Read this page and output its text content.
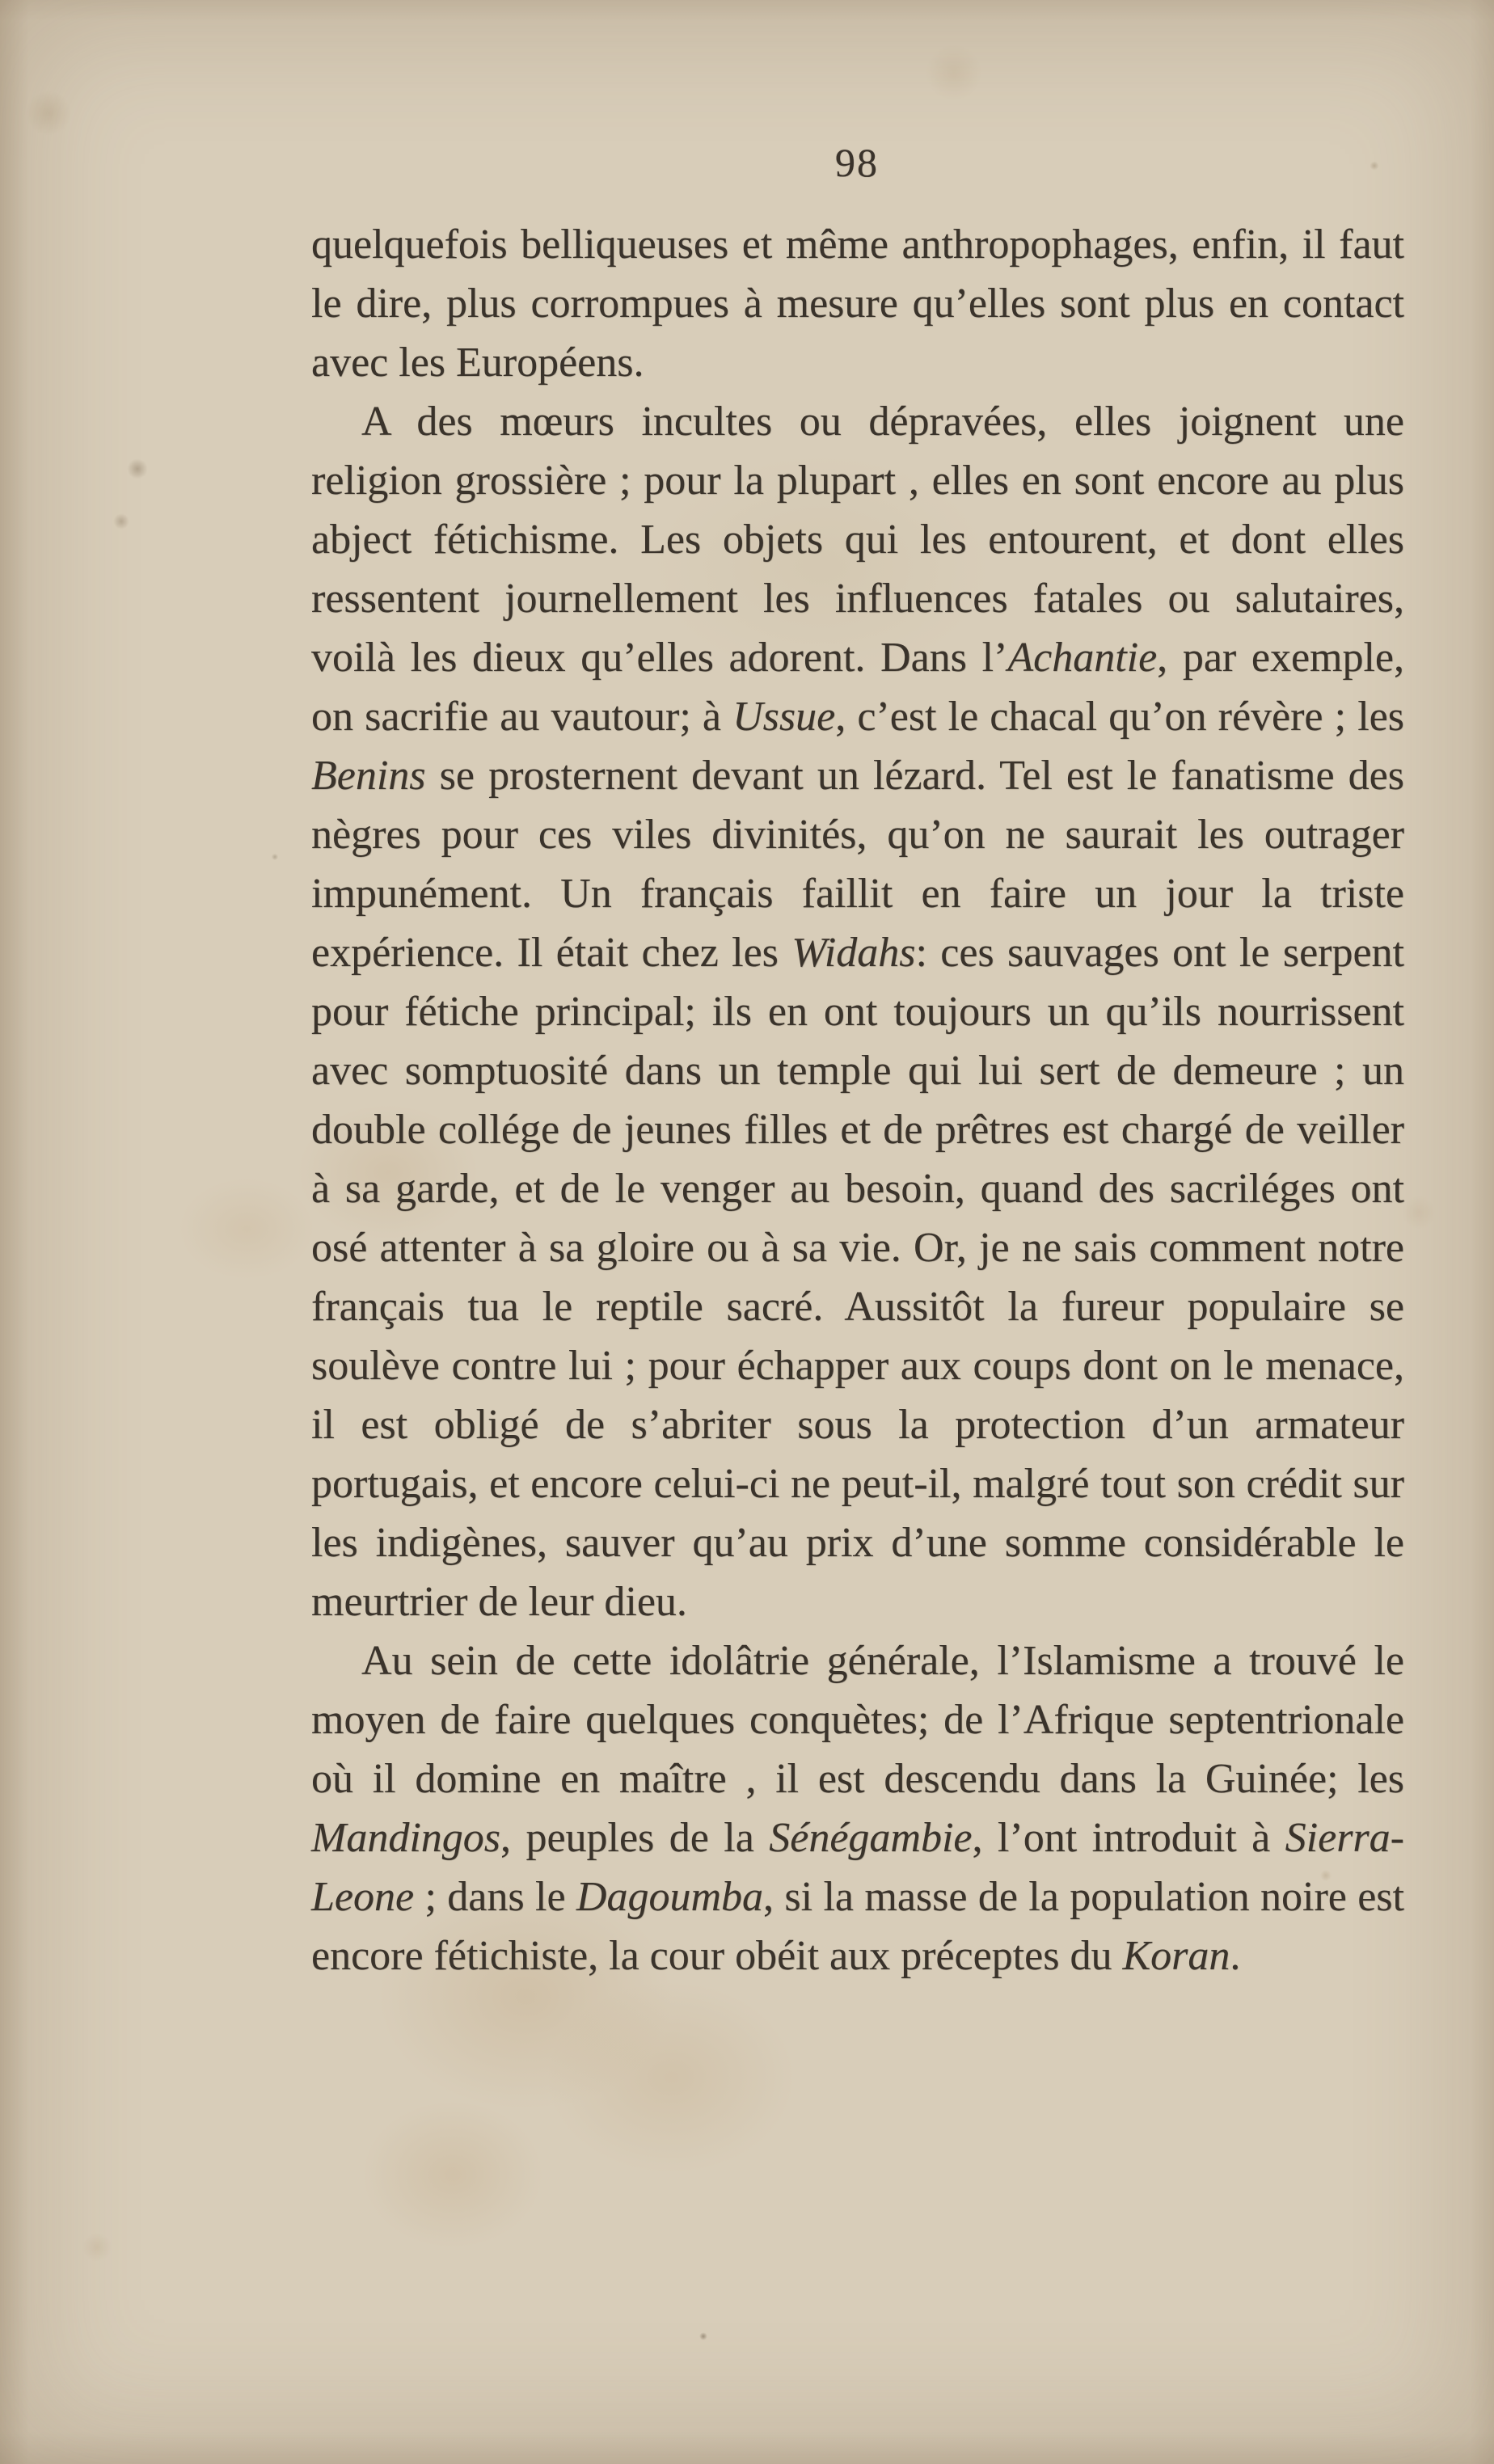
98

quelquefois belliqueuses et même anthropophages, enfin, il faut le dire, plus corrompues à mesure qu’elles sont plus en contact avec les Européens.

A des mœurs incultes ou dépravées, elles joignent une religion grossière ; pour la plupart , elles en sont encore au plus abject fétichisme. Les objets qui les entourent, et dont elles ressentent journellement les influences fatales ou salutaires, voilà les dieux qu’elles adorent. Dans l’Achantie, par exemple, on sacrifie au vautour; à Ussue, c’est le chacal qu’on révère ; les Benins se prosternent devant un lézard. Tel est le fanatisme des nègres pour ces viles divinités, qu’on ne saurait les outrager impunément. Un français faillit en faire un jour la triste expérience. Il était chez les Widahs: ces sauvages ont le serpent pour fétiche principal; ils en ont toujours un qu’ils nourrissent avec somptuosité dans un temple qui lui sert de demeure ; un double collége de jeunes filles et de prêtres est chargé de veiller à sa garde, et de le venger au besoin, quand des sacriléges ont osé attenter à sa gloire ou à sa vie. Or, je ne sais comment notre français tua le reptile sacré. Aussitôt la fureur populaire se soulève contre lui ; pour échapper aux coups dont on le menace, il est obligé de s’abriter sous la protection d’un armateur portugais, et encore celui-ci ne peut-il, malgré tout son crédit sur les indigènes, sauver qu’au prix d’une somme considérable le meurtrier de leur dieu.

Au sein de cette idolâtrie générale, l’Islamisme a trouvé le moyen de faire quelques conquètes; de l’Afrique septentrionale où il domine en maître , il est descendu dans la Guinée; les Mandingos, peuples de la Sénégambie, l’ont introduit à Sierra-Leone ; dans le Dagoumba, si la masse de la population noire est encore fétichiste, la cour obéit aux préceptes du Koran.
